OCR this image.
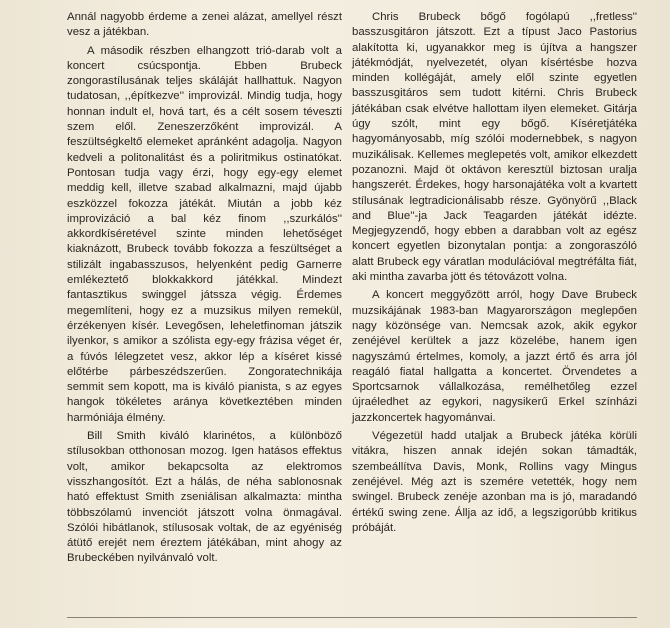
Annál nagyobb érdeme a zenei alázat, amellyel részt vesz a játékban.

A második részben elhangzott trió-darab volt a koncert csúcspontja. Ebben Brubeck zongorastílusának teljes skáláját hallhattuk. Nagyon tudatosan, ,,építkezve'' improvizál. Mindig tudja, hogy honnan indult el, hová tart, és a célt sosem téveszti szem elől. Zeneszerzőként improvizál. A feszültségkeltő elemeket apránként adagolja. Nagyon kedveli a politonalitást és a poliritmikus ostinatókat. Pontosan tudja vagy érzi, hogy egy-egy elemet meddig kell, illetve szabad alkalmazni, majd újabb eszközzel fokozza játékát. Miután a jobb kéz improvizáció a bal kéz finom ,,szurkálós'' akkordkíséretével szinte minden lehetőséget kiaknázott, Brubeck tovább fokozza a feszültséget a stilizált ingabasszusos, helyenként pedig Garnerre emlékeztető blokkakkord játékkal. Mindezt fantasztikus swinggel játssza végig. Érdemes megemlíteni, hogy ez a muzsikus milyen remekül, érzékenyen kísér. Levegősen, leheletfinoman játszik ilyenkor, s amikor a szólista egy-egy frázisa véget ér, a fúvós lélegzetet vesz, akkor lép a kíséret kissé előtérbe párbeszédszerűen. Zongoratechnikája semmit sem kopott, ma is kiváló pianista, s az egyes hangok tökéletes aránya következtében minden harmóniája élmény.

Bill Smith kiváló klarinétos, a különböző stílusokban otthonosan mozog. Igen hatásos effektus volt, amikor bekapcsolta az elektromos visszhangosítót. Ezt a hálás, de néha sablonosnak ható effektust Smith zseniálisan alkalmazta: mintha többszólamú invenciót játszott volna önmagával. Szólói hibátlanok, stílusosak voltak, de az egyéniség átütő erejét nem éreztem játékában, mint ahogy az Brubeckében nyilvánvaló volt.

Chris Brubeck bőgő fogólapú ,,fretless'' basszusgitáron játszott. Ezt a típust Jaco Pastorius alakította ki, ugyanakkor meg is újítva a hangszer játékmódját, nyelvezetét, olyan kísértésbe hozva minden kollégáját, amely elől szinte egyetlen basszusgitáros sem tudott kitérni. Chris Brubeck játékában csak elvétve hallottam ilyen elemeket. Gitárja úgy szólt, mint egy bőgő. Kíséretjátéka hagyományosabb, míg szólói modernebbek, s nagyon muzikálisak. Kellemes meglepetés volt, amikor elkezdett pozanozni. Majd öt oktávon keresztül biztosan uralja hangszerét. Érdekes, hogy harsonajátéka volt a kvartett stílusának legtradicionálisabb része. Gyönyörű ,,Black and Blue''-ja Jack Teagarden játékát idézte. Megjegyzendő, hogy ebben a darabban volt az egész koncert egyetlen bizonytalan pontja: a zongoraszóló alatt Brubeck egy váratlan modulációval megtréfálta fiát, aki mintha zavarba jött és tétovázott volna.

A koncert meggyőzött arról, hogy Dave Brubeck muzsikájának 1983-ban Magyarországon meglepően nagy közönsége van. Nemcsak azok, akik egykor zenéjével kerültek a jazz közelébe, hanem igen nagyszámú értelmes, komoly, a jazzt értő és arra jól reagáló fiatal hallgatta a koncertet. Örvendetes a Sportcsarnok vállalkozása, remélhetőleg ezzel újraéledhet az egykori, nagysikerű Erkel színházi jazzkoncertek hagyománvai.

Végezetül hadd utaljak a Brubeck játéka körüli vitákra, hiszen annak idején sokan támadták, szembeállítva Davis, Monk, Rollins vagy Mingus zenéjével. Még azt is szemére vetették, hogy nem swingel. Brubeck zenéje azonban ma is jó, maradandó értékű swing zene. Állja az idő, a legszigorúbb kritikus próbáját.
